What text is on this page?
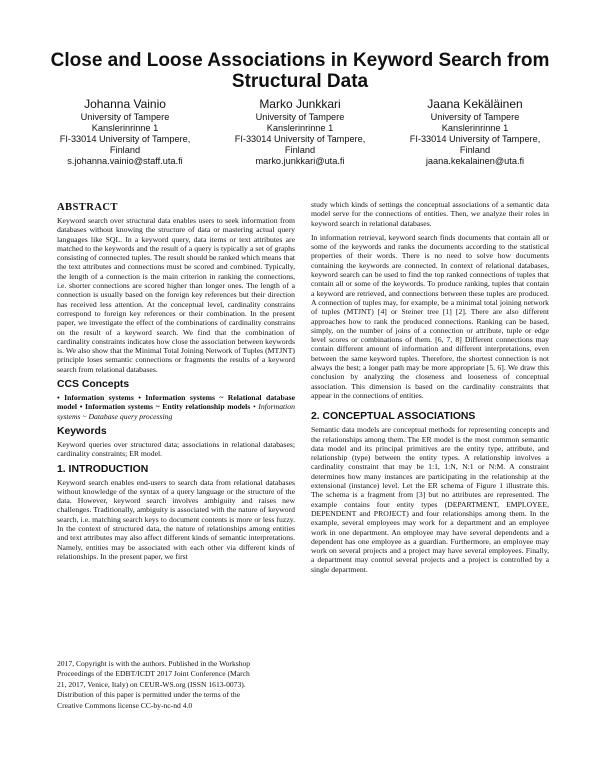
Close and Loose Associations in Keyword Search from Structural Data
Johanna Vainio
University of Tampere
Kanslerinrinne 1
FI-33014 University of Tampere,
Finland
s.johanna.vainio@staff.uta.fi
Marko Junkkari
University of Tampere
Kanslerinrinne 1
FI-33014 University of Tampere,
Finland
marko.junkkari@uta.fi
Jaana Kekäläinen
University of Tampere
Kanslerinrinne 1
FI-33014 University of Tampere,
Finland
jaana.kekalainen@uta.fi
ABSTRACT

Keyword search over structural data enables users to seek information from databases without knowing the structure of data or mastering actual query languages like SQL. In a keyword query, data items or text attributes are matched to the keywords and the result of a query is typically a set of graphs consisting of connected tuples. The result should be ranked which means that the text attributes and connections must be scored and combined. Typically, the length of a connection is the main criterion in ranking the connections, i.e. shorter connections are scored higher than longer ones. The length of a connection is usually based on the foreign key references but their direction has received less attention. At the conceptual level, cardinality constrains correspond to foreign key references or their combination. In the present paper, we investigate the effect of the combinations of cardinality constrains on the result of a keyword search. We find that the combination of cardinality constraints indicates how close the association between keywords is. We also show that the Minimal Total Joining Network of Tuples (MTJNT) principle loses semantic connections or fragments the results of a keyword search from relational databases.

CCS Concepts

• Information systems • Information systems ~ Relational database model • Information systems ~ Entity relationship models • Information systems ~ Database query processing

Keywords

Keyword queries over structured data; associations in relational databases; cardinality constraints; ER model.

1. INTRODUCTION

Keyword search enables end-users to search data from relational databases without knowledge of the syntax of a query language or the structure of the data. However, keyword search involves ambiguity and raises new challenges. Traditionally, ambiguity is associated with the nature of keyword search, i.e. matching search keys to document contents is more or less fuzzy. In the context of structured data, the nature of relationships among entities and text attributes may also affect different kinds of semantic interpretations. Namely, entities may be associated with each other via different kinds of relationships. In the present paper, we first

2017, Copyright is with the authors. Published in the Workshop
Proceedings of the EDBT/ICDT 2017 Joint Conference (March
21, 2017, Venice, Italy) on CEUR-WS.org (ISSN 1613-0073).
Distribution of this paper is permitted under the terms of the
Creative Commons license CC-by-nc-nd 4.0

study which kinds of settings the conceptual associations of a semantic data model serve for the connections of entities. Then, we analyze their roles in keyword search in relational databases.

In information retrieval, keyword search finds documents that contain all or some of the keywords and ranks the documents according to the statistical properties of their words. There is no need to solve how documents containing the keywords are connected. In context of relational databases, keyword search can be used to find the top ranked connections of tuples that contain all or some of the keywords. To produce ranking, tuples that contain a keyword are retrieved, and connections between these tuples are produced. A connection of tuples may, for example, be a minimal total joining network of tuples (MTJNT) [4] or Steiner tree [1] [2]. There are also different approaches how to rank the produced connections. Ranking can be based, simply, on the number of joins of a connection or attribute, tuple or edge level scores or combinations of them. [6, 7, 8] Different connections may contain different amount of information and different interpretations, even between the same keyword tuples. Therefore, the shortest connection is not always the best; a longer path may be more appropriate [5, 6]. We draw this conclusion by analyzing the closeness and looseness of conceptual association. This dimension is based on the cardinality constraints that appear in the connections of entities.

2. CONCEPTUAL ASSOCIATIONS

Semantic data models are conceptual methods for representing concepts and the relationships among them. The ER model is the most common semantic data model and its principal primitives are the entity type, attribute, and relationship (type) between the entity types. A relationship involves a cardinality constraint that may be 1:1, 1:N, N:1 or N:M. A constraint determines how many instances are participating in the relationship at the extensional (instance) level. Let the ER schema of Figure 1 illustrate this. The schema is a fragment from [3] but no attributes are represented. The example contains four entity types (DEPARTMENT, EMPLOYEE, DEPENDENT and PROJECT) and four relationships among them. In the example, several employees may work for a department and an employee work in one department. An employee may have several dependents and a dependent has one employee as a guardian. Furthermore, an employee may work on several projects and a project may have several employees. Finally, a department may control several projects and a project is controlled by a single department.
